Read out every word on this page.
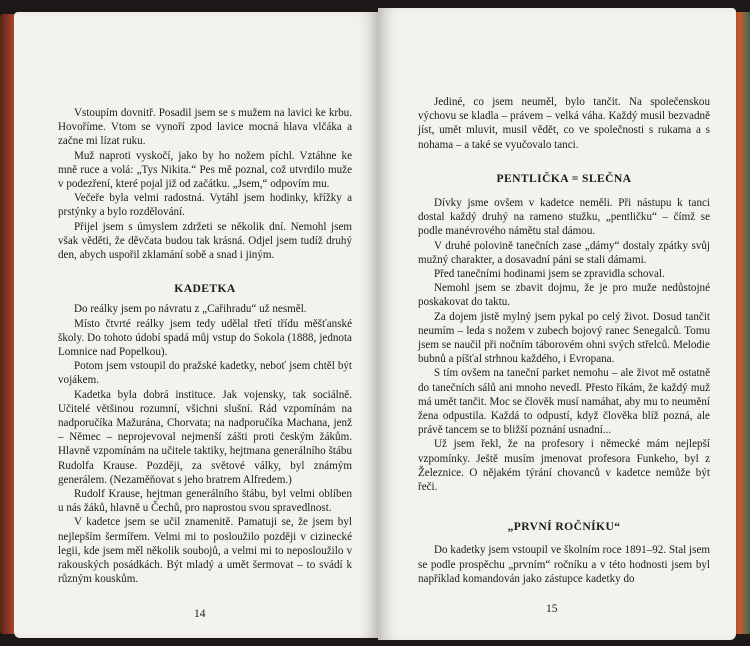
Vstoupím dovnitř. Posadil jsem se s mužem na lavici ke krbu. Hovoříme. Vtom se vynoří zpod lavice mocná hlava vlčáka a začne mi lízat ruku.

Muž naproti vyskočí, jako by ho nožem píchl. Vztáhne ke mně ruce a volá: „Tys Nikita.“ Pes mě poznal, což utvrdilo muže v podezření, které pojal již od začátku. „Jsem,“ odpovím mu.

Večeře byla velmi radostná. Vytáhl jsem hodinky, křížky a prstýnky a bylo rozdělování.

Přijel jsem s úmyslem zdržeti se několik dní. Nemohl jsem však věděti, že děvčata budou tak krásná. Odjel jsem tudíž druhý den, abych uspořil zklamání sobě a snad i jiným.

KADETKA

Do reálky jsem po návratu z „Cařihradu“ už nesměl.

Místo čtvrté reálky jsem tedy udělal třetí třídu měšťanské školy. Do tohoto údobí spadá můj vstup do Sokola (1888, jednota Lomnice nad Popelkou).

Potom jsem vstoupil do pražské kadetky, neboť jsem chtěl být vojákem.

Kadetka byla dobrá instituce. Jak vojensky, tak sociálně. Učitelé většinou rozumní, všichni slušní. Rád vzpomínám na nadporučíka Mažurána, Chorvata; na nadporučíka Machana, jenž – Němec – neprojevoval nejmenší zášti proti českým žákům. Hlavně vzpomínám na učitele taktiky, hejtmana generálního štábu Rudolfa Krause. Později, za světové války, byl známým generálem. (Nezaměňovat s jeho bratrem Alfredem.)

Rudolf Krause, hejtman generálního štábu, byl velmi oblíben u nás žáků, hlavně u Čechů, pro naprostou svou spravedlnost.

V kadetce jsem se učil znamenitě. Pamatuji se, že jsem byl nejlepším šermířem. Velmi mi to posloužilo později v cizinecké legii, kde jsem měl několik soubojů, a velmi mi to neposloužilo v rakouských posádkách. Být mladý a umět šermovat – to svádí k různým kouskům.

14

Jediné, co jsem neuměl, bylo tančit. Na společenskou výchovu se kladla – právem – velká váha. Každý musil bezvadně jíst, umět mluvit, musil vědět, co ve společnosti s rukama a s nohama – a také se vyučovalo tanci.

PENTLIČKA = SLEČNA

Dívky jsme ovšem v kadetce neměli. Při nástupu k tanci dostal každý druhý na rameno stužku, „pentličku“ – čímž se podle manévrového námětu stal dámou.

V druhé polovině tanečních zase „dámy“ dostaly zpátky svůj mužný charakter, a dosavadní páni se stali dámami.

Před tanečními hodinami jsem se zpravidla schoval.

Nemohl jsem se zbavit dojmu, že je pro muže nedůstojné poskakovat do taktu.

Za dojem jistě mylný jsem pykal po celý život. Dosud tančit neumím – leda s nožem v zubech bojový ranec Senegalců. Tomu jsem se naučil při nočním táborovém ohni svých střelců. Melodie bubnů a píšťal strhnou každého, i Evropana.

S tím ovšem na taneční parket nemohu – ale život mě ostatně do tanečních sálů ani mnoho nevedl. Přesto říkám, že každý muž má umět tančit. Moc se člověk musí namáhat, aby mu to neumění žena odpustila. Každá to odpustí, když člověka blíž pozná, ale právě tancem se to bližší poznání usnadní...

Už jsem řekl, že na profesory i německé mám nejlepší vzpomínky. Ještě musím jmenovat profesora Funkeho, byl z Železnice. O nějakém týrání chovanců v kadetce nemůže být řeči.

„PRVNÍ ROČNÍKU“

Do kadetky jsem vstoupil ve školním roce 1891–92. Stal jsem se podle prospěchu „prvním“ ročníku a v této hodnosti jsem byl například komandován jako zástupce kadetky do

15
